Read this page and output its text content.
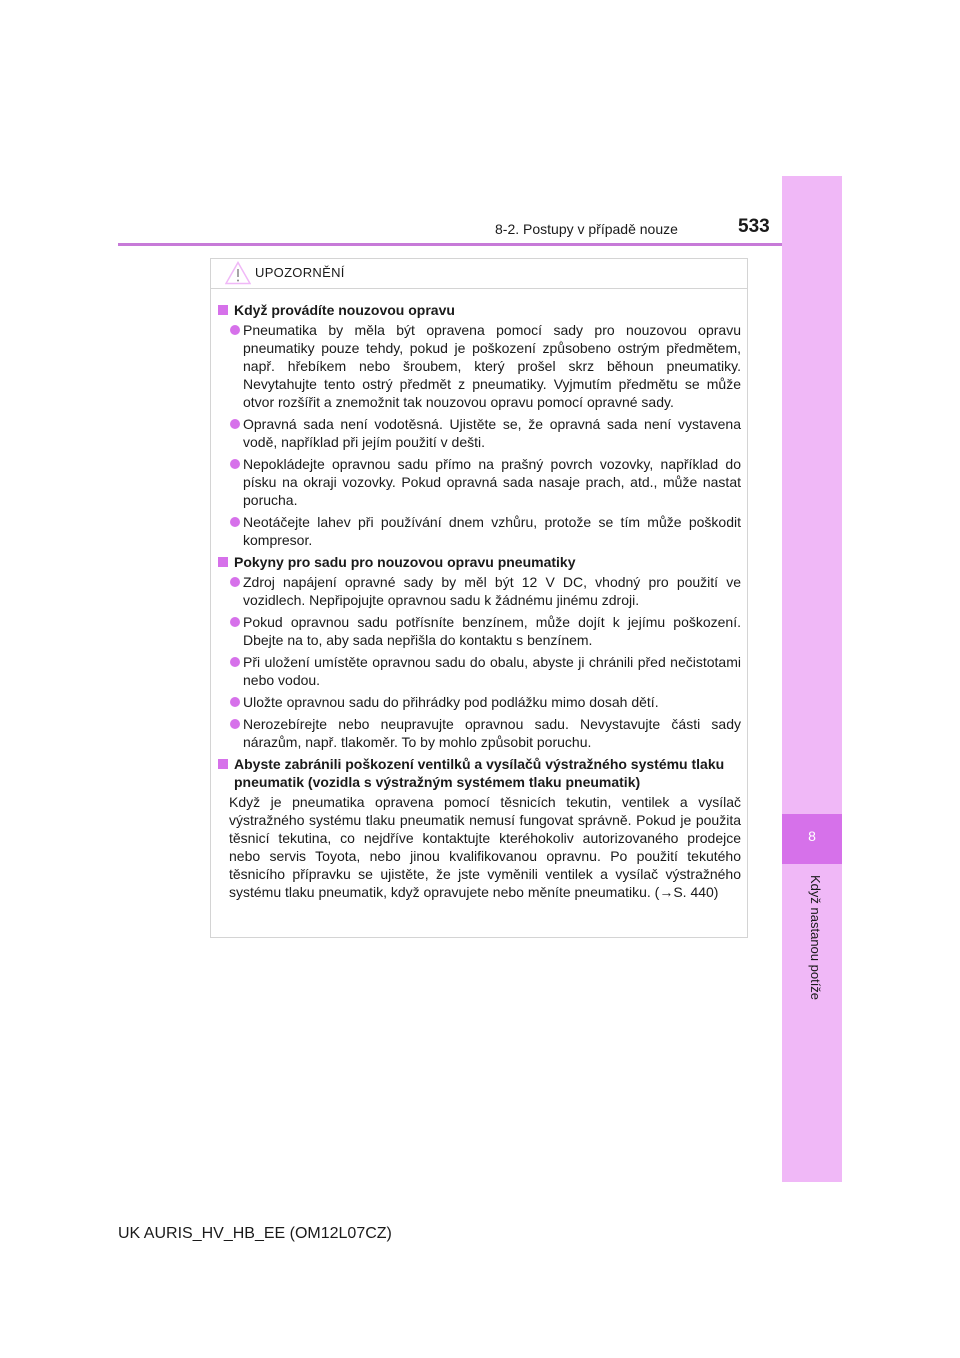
8-2. Postupy v případě nouze	533
8
Když nastanou potíže
UPOZORNĚNÍ
Když provádíte nouzovou opravu
Pneumatika by měla být opravena pomocí sady pro nouzovou opravu pneumatiky pouze tehdy, pokud je poškození způsobeno ostrým předmětem, např. hřebíkem nebo šroubem, který prošel skrz běhoun pneumatiky. Nevytahujte tento ostrý předmět z pneumatiky. Vyjmutím předmětu se může otvor rozšířit a znemožnit tak nouzovou opravu pomocí opravné sady.
Opravná sada není vodotěsná. Ujistěte se, že opravná sada není vystavena vodě, například při jejím použití v dešti.
Nepokládejte opravnou sadu přímo na prašný povrch vozovky, například do písku na okraji vozovky. Pokud opravná sada nasaje prach, atd., může nastat porucha.
Neotáčejte lahev při používání dnem vzhůru, protože se tím může poškodit kompresor.
Pokyny pro sadu pro nouzovou opravu pneumatiky
Zdroj napájení opravné sady by měl být 12 V DC, vhodný pro použití ve vozidlech. Nepřipojujte opravnou sadu k žádnému jinému zdroji.
Pokud opravnou sadu potřísníte benzínem, může dojít k jejímu poškození. Dbejte na to, aby sada nepřišla do kontaktu s benzínem.
Při uložení umístěte opravnou sadu do obalu, abyste ji chránili před nečistotami nebo vodou.
Uložte opravnou sadu do přihrádky pod podlážku mimo dosah dětí.
Nerozebírejte nebo neupravujte opravnou sadu. Nevystavujte části sady nárazům, např. tlakoměr. To by mohlo způsobit poruchu.
Abyste zabránili poškození ventilků a vysílačů výstražného systému tlaku pneumatik (vozidla s výstražným systémem tlaku pneumatik)
Když je pneumatika opravena pomocí těsnicích tekutin, ventilek a vysílač výstražného systému tlaku pneumatik nemusí fungovat správně. Pokud je použita těsnicí tekutina, co nejdříve kontaktujte kteréhokoliv autorizovaného prodejce nebo servis Toyota, nebo jinou kvalifikovanou opravnu. Po použití tekutého těsnicího přípravku se ujistěte, že jste vyměnili ventilek a vysílač výstražného systému tlaku pneumatik, když opravujete nebo měníte pneumatiku. (→S. 440)
UK AURIS_HV_HB_EE (OM12L07CZ)
